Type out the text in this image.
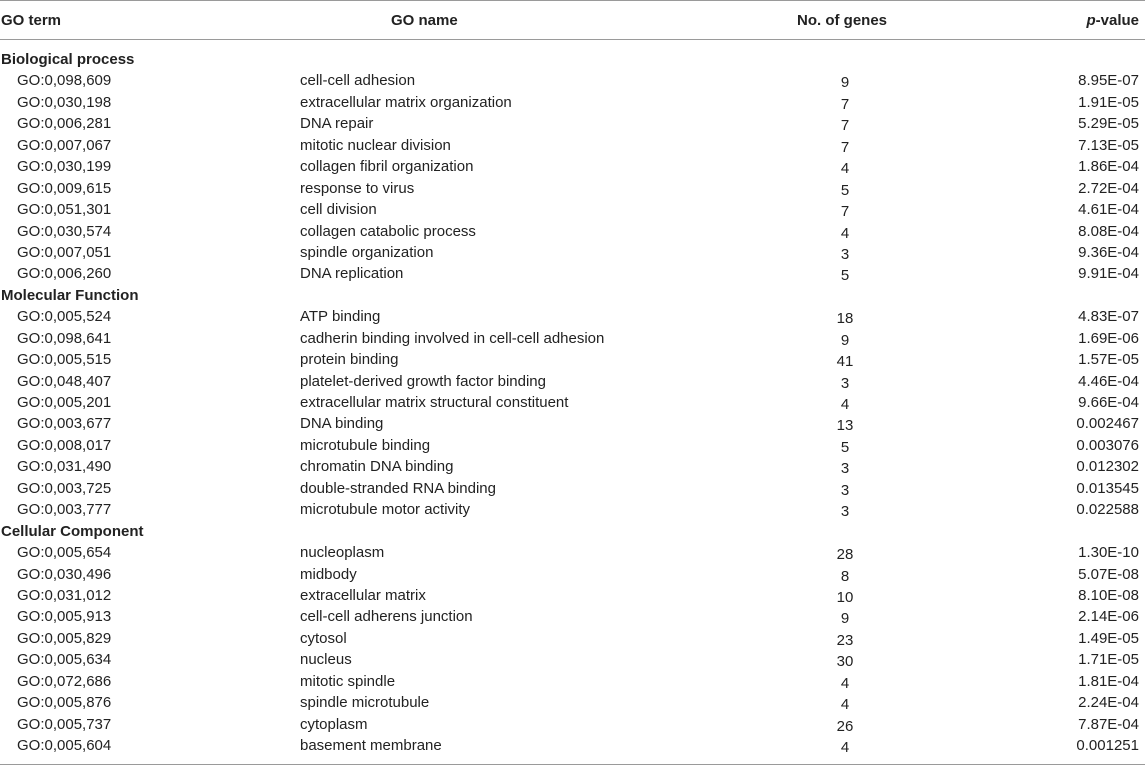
GO term	GO name	No. of genes	p-value
Biological process
GO:0,098,609	cell-cell adhesion	9	8.95E-07
GO:0,030,198	extracellular matrix organization	7	1.91E-05
GO:0,006,281	DNA repair	7	5.29E-05
GO:0,007,067	mitotic nuclear division	7	7.13E-05
GO:0,030,199	collagen fibril organization	4	1.86E-04
GO:0,009,615	response to virus	5	2.72E-04
GO:0,051,301	cell division	7	4.61E-04
GO:0,030,574	collagen catabolic process	4	8.08E-04
GO:0,007,051	spindle organization	3	9.36E-04
GO:0,006,260	DNA replication	5	9.91E-04
Molecular Function
GO:0,005,524	ATP binding	18	4.83E-07
GO:0,098,641	cadherin binding involved in cell-cell adhesion	9	1.69E-06
GO:0,005,515	protein binding	41	1.57E-05
GO:0,048,407	platelet-derived growth factor binding	3	4.46E-04
GO:0,005,201	extracellular matrix structural constituent	4	9.66E-04
GO:0,003,677	DNA binding	13	0.002467
GO:0,008,017	microtubule binding	5	0.003076
GO:0,031,490	chromatin DNA binding	3	0.012302
GO:0,003,725	double-stranded RNA binding	3	0.013545
GO:0,003,777	microtubule motor activity	3	0.022588
Cellular Component
GO:0,005,654	nucleoplasm	28	1.30E-10
GO:0,030,496	midbody	8	5.07E-08
GO:0,031,012	extracellular matrix	10	8.10E-08
GO:0,005,913	cell-cell adherens junction	9	2.14E-06
GO:0,005,829	cytosol	23	1.49E-05
GO:0,005,634	nucleus	30	1.71E-05
GO:0,072,686	mitotic spindle	4	1.81E-04
GO:0,005,876	spindle microtubule	4	2.24E-04
GO:0,005,737	cytoplasm	26	7.87E-04
GO:0,005,604	basement membrane	4	0.001251
